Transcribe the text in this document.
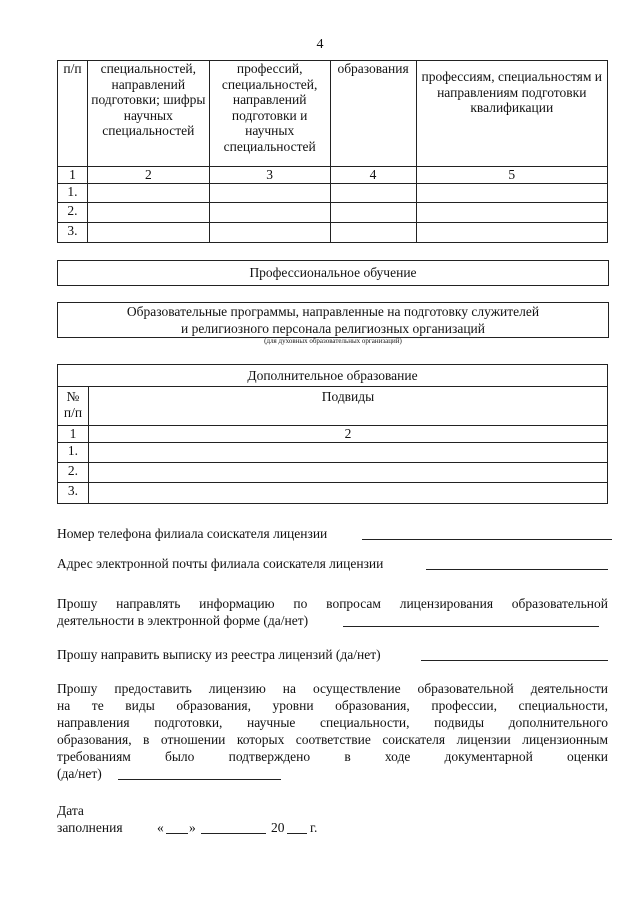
4
п/п	специальностей, направлений подготовки; шифры научных специальностей	профессий, специальностей, направлений подготовки и научных специальностей	образования	профессиям, специальностям и направлениям подготовки квалификации
1	2	3	4	5
1.				
2.				
3.				
Профессиональное обучение
Образовательные программы, направленные на подготовку служителей
и религиозного персонала религиозных организаций
(для духовных образовательных организаций)
Дополнительное образование	

№
п/п	Подвиды
1	2
1.	
2.	
3.	
Номер телефона филиала соискателя лицензии
Адрес электронной почты филиала соискателя лицензии
Прошу направлять информацию по вопросам лицензирования образовательной
деятельности в электронной форме (да/нет)
Прошу направить выписку из реестра лицензий (да/нет)
Прошу предоставить лицензию на осуществление образовательной деятельности
на те виды образования, уровни образования, профессии, специальности,
направления подготовки, научные специальности, подвиды дополнительного
образования, в отношении которых соответствие соискателя лицензии лицензионным
требованиям было подтверждено в ходе документарной оценки
(да/нет)
Дата
заполнения	« »	20 г.
